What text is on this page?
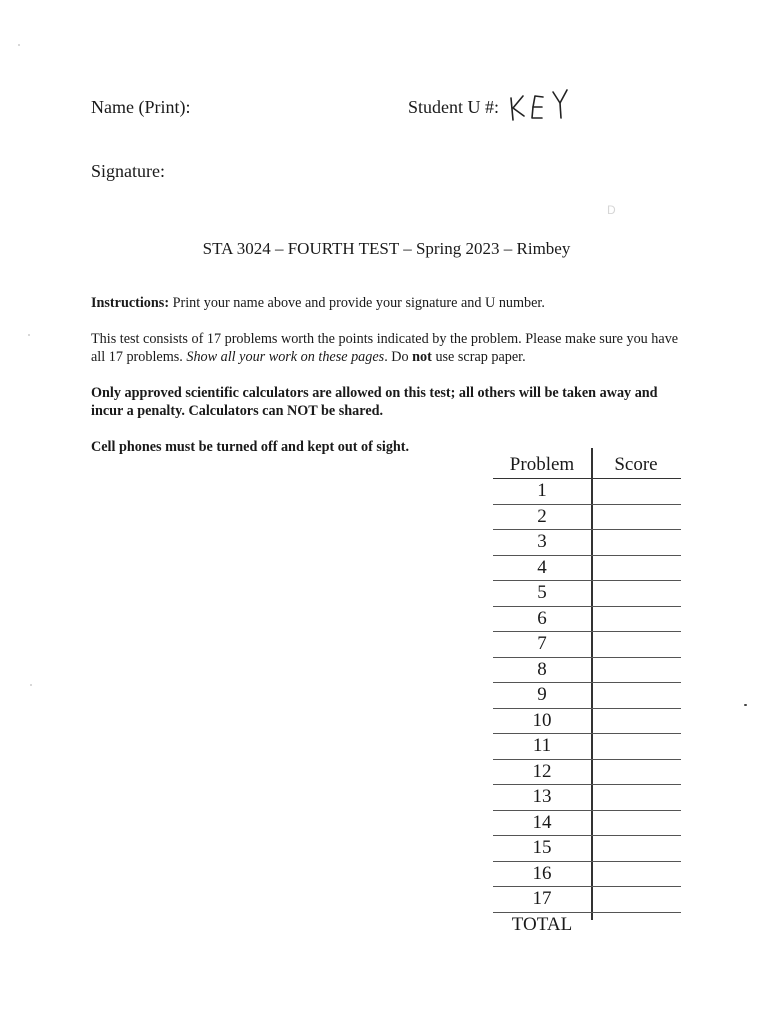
Name (Print):	Student U #:
Signature:
D
STA 3024 – FOURTH TEST – Spring 2023 – Rimbey
Instructions: Print your name above and provide your signature and U number.
This test consists of 17 problems worth the points indicated by the problem. Please make sure you have all 17 problems. Show all your work on these pages. Do not use scrap paper.
Only approved scientific calculators are allowed on this test; all others will be taken away and incur a penalty. Calculators can NOT be shared.
Cell phones must be turned off and kept out of sight.
Problem	Score
1
2
3
4
5
6
7
8
9
10
11
12
13
14
15
16
17
TOTAL
